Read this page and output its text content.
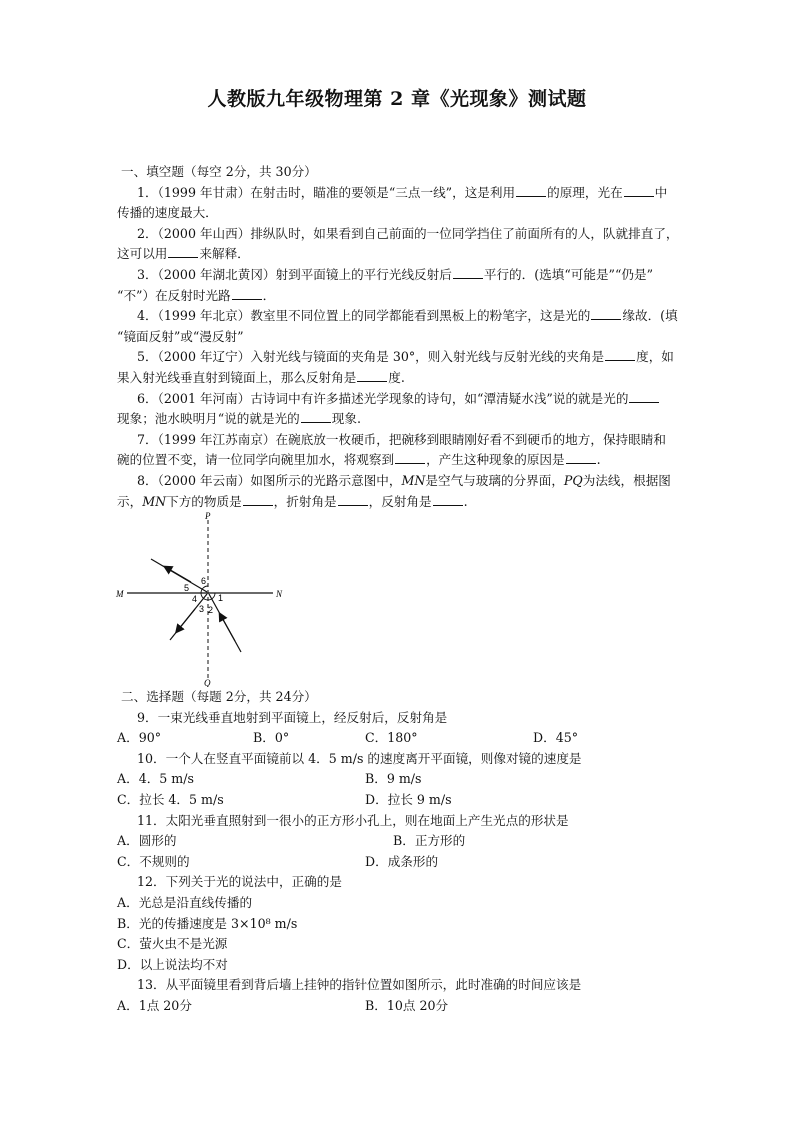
人教版九年级物理第 2 章《光现象》测试题
一、填空题（每空 2分，共 30分）
1．（1999 年甘肃）在射击时，瞄准的要领是“三点一线”，这是利用	的原理，光在	中
传播的速度最大．
2．（2000 年山西）排纵队时，如果看到自己前面的一位同学挡住了前面所有的人，队就排直了，
这可以用	来解释．
3．（2000 年湖北黄冈）射到平面镜上的平行光线反射后	平行的．(选填“可能是”“仍是”
“不”）在反射时光路	．
4．（1999 年北京）教室里不同位置上的同学都能看到黑板上的粉笔字，这是光的	缘故．(填
“镜面反射”或“漫反射”
5．（2000 年辽宁）入射光线与镜面的夹角是 30°，则入射光线与反射光线的夹角是	度，如
果入射光线垂直射到镜面上，那么反射角是	度.
6．（2001 年河南）古诗词中有许多描述光学现象的诗句，如“潭清疑水浅”说的就是光的
现象；池水映明月“说的就是光的	现象.
7．（1999 年江苏南京）在碗底放一枚硬币，把碗移到眼睛刚好看不到硬币的地方，保持眼睛和
碗的位置不变，请一位同学向碗里加水，将观察到	，产生这种现象的原因是	.
8．（2000 年云南）如图所示的光路示意图中，MN是空气与玻璃的分界面，PQ为法线，根据图
示，MN下方的物质是	，折射角是	，反射角是	.
P
Q
M	N
6
5
4
3 2
1
二、选择题（每题 2分，共 24分）
9．一束光线垂直地射到平面镜上，经反射后，反射角是
A．90°	B．0°	C．180°	D．45°
10．一个人在竖直平面镜前以 4．5 m/s 的速度离开平面镜，则像对镜的速度是
A．4．5 m/s	B．9 m/s
C．拉长 4．5 m/s	D．拉长 9 m/s
11．太阳光垂直照射到一很小的正方形小孔上，则在地面上产生光点的形状是
A．圆形的	B．正方形的
C．不规则的	D．成条形的
12．下列关于光的说法中，正确的是
A．光总是沿直线传播的
B．光的传播速度是 3×10⁸ m/s
C．萤火虫不是光源
D．以上说法均不对
13．从平面镜里看到背后墙上挂钟的指针位置如图所示，此时准确的时间应该是
A．1点 20分	B．10点 20分
